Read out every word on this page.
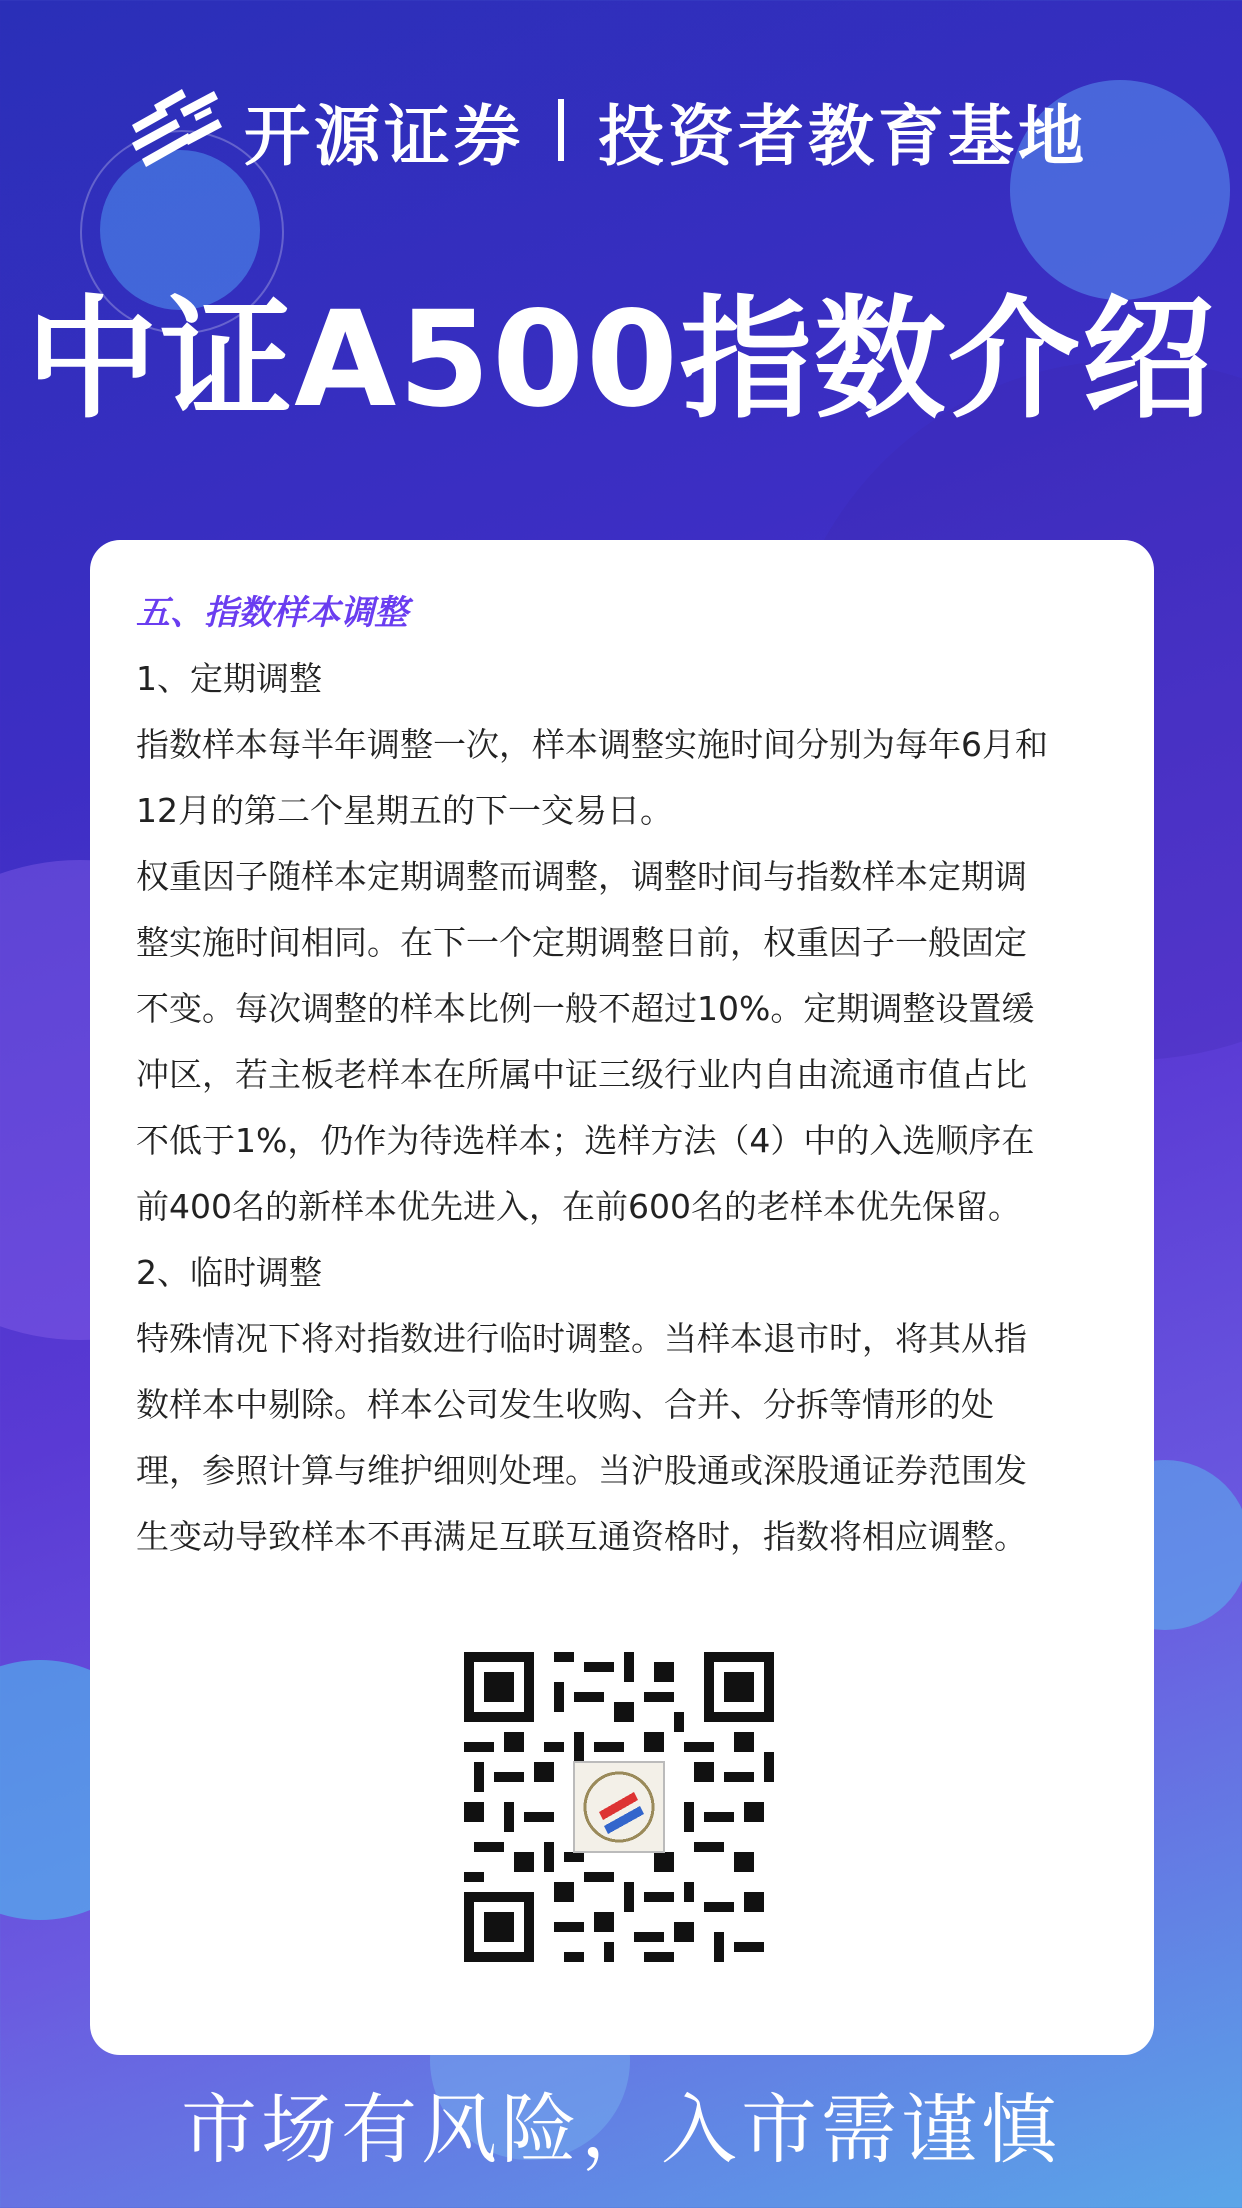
开源证券 投资者教育基地
中证A500指数介绍
五、指数样本调整
1、定期调整
指数样本每半年调整一次，样本调整实施时间分别为每年6月和
12月的第二个星期五的下一交易日。
权重因子随样本定期调整而调整，调整时间与指数样本定期调
整实施时间相同。在下一个定期调整日前，权重因子一般固定
不变。每次调整的样本比例一般不超过10%。定期调整设置缓
冲区，若主板老样本在所属中证三级行业内自由流通市值占比
不低于1%，仍作为待选样本；选样方法（4）中的入选顺序在
前400名的新样本优先进入，在前600名的老样本优先保留。
2、临时调整
特殊情况下将对指数进行临时调整。当样本退市时，将其从指
数样本中剔除。样本公司发生收购、合并、分拆等情形的处
理，参照计算与维护细则处理。当沪股通或深股通证券范围发
生变动导致样本不再满足互联互通资格时，指数将相应调整。
市场有风险，入市需谨慎
